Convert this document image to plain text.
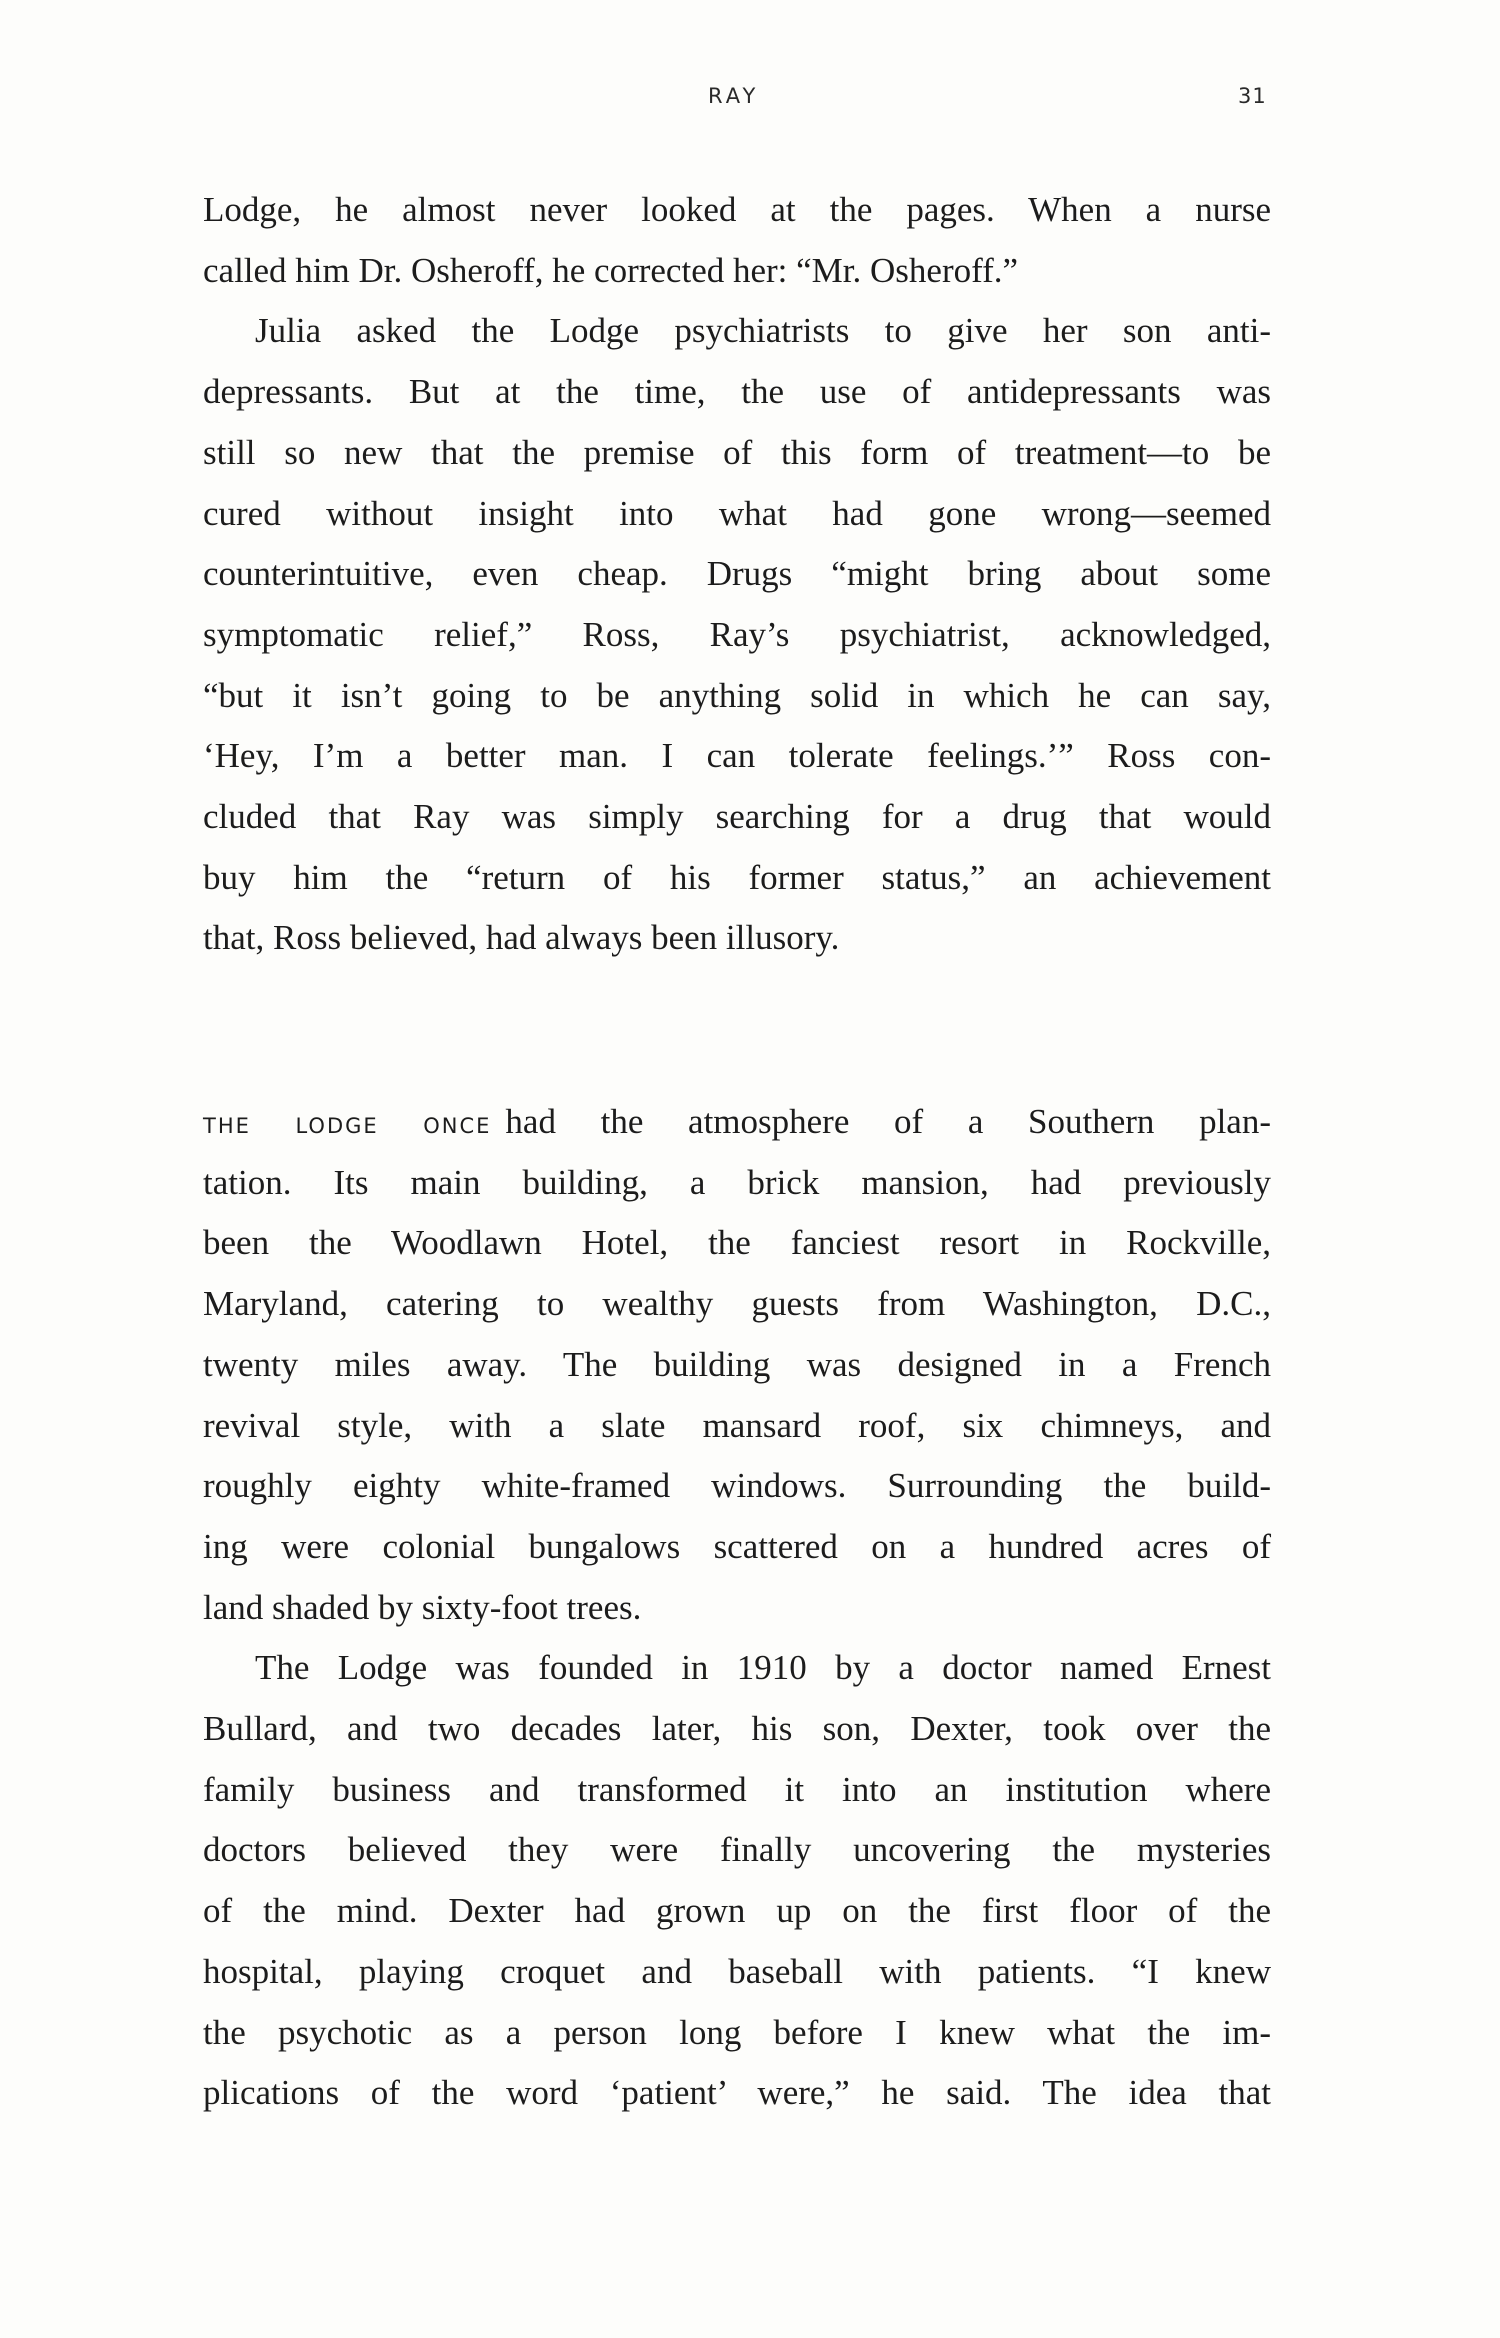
RAY	31
Lodge, he almost never looked at the pages. When a nurse
called him Dr. Osheroff, he corrected her: “Mr. Osheroff.”
Julia asked the Lodge psychiatrists to give her son anti-
depressants. But at the time, the use of antidepressants was
still so new that the premise of this form of treatment—to be
cured without insight into what had gone wrong—seemed
counterintuitive, even cheap. Drugs “might bring about some
symptomatic relief,” Ross, Ray’s psychiatrist, acknowledged,
“but it isn’t going to be anything solid in which he can say,
‘Hey, I’m a better man. I can tolerate feelings.’” Ross con-
cluded that Ray was simply searching for a drug that would
buy him the “return of his former status,” an achievement
that, Ross believed, had always been illusory.
THE LODGE ONCE had the atmosphere of a Southern plan-
tation. Its main building, a brick mansion, had previously
been the Woodlawn Hotel, the fanciest resort in Rockville,
Maryland, catering to wealthy guests from Washington, D.C.,
twenty miles away. The building was designed in a French
revival style, with a slate mansard roof, six chimneys, and
roughly eighty white-framed windows. Surrounding the build-
ing were colonial bungalows scattered on a hundred acres of
land shaded by sixty-foot trees.
The Lodge was founded in 1910 by a doctor named Ernest
Bullard, and two decades later, his son, Dexter, took over the
family business and transformed it into an institution where
doctors believed they were finally uncovering the mysteries
of the mind. Dexter had grown up on the first floor of the
hospital, playing croquet and baseball with patients. “I knew
the psychotic as a person long before I knew what the im-
plications of the word ‘patient’ were,” he said. The idea that
